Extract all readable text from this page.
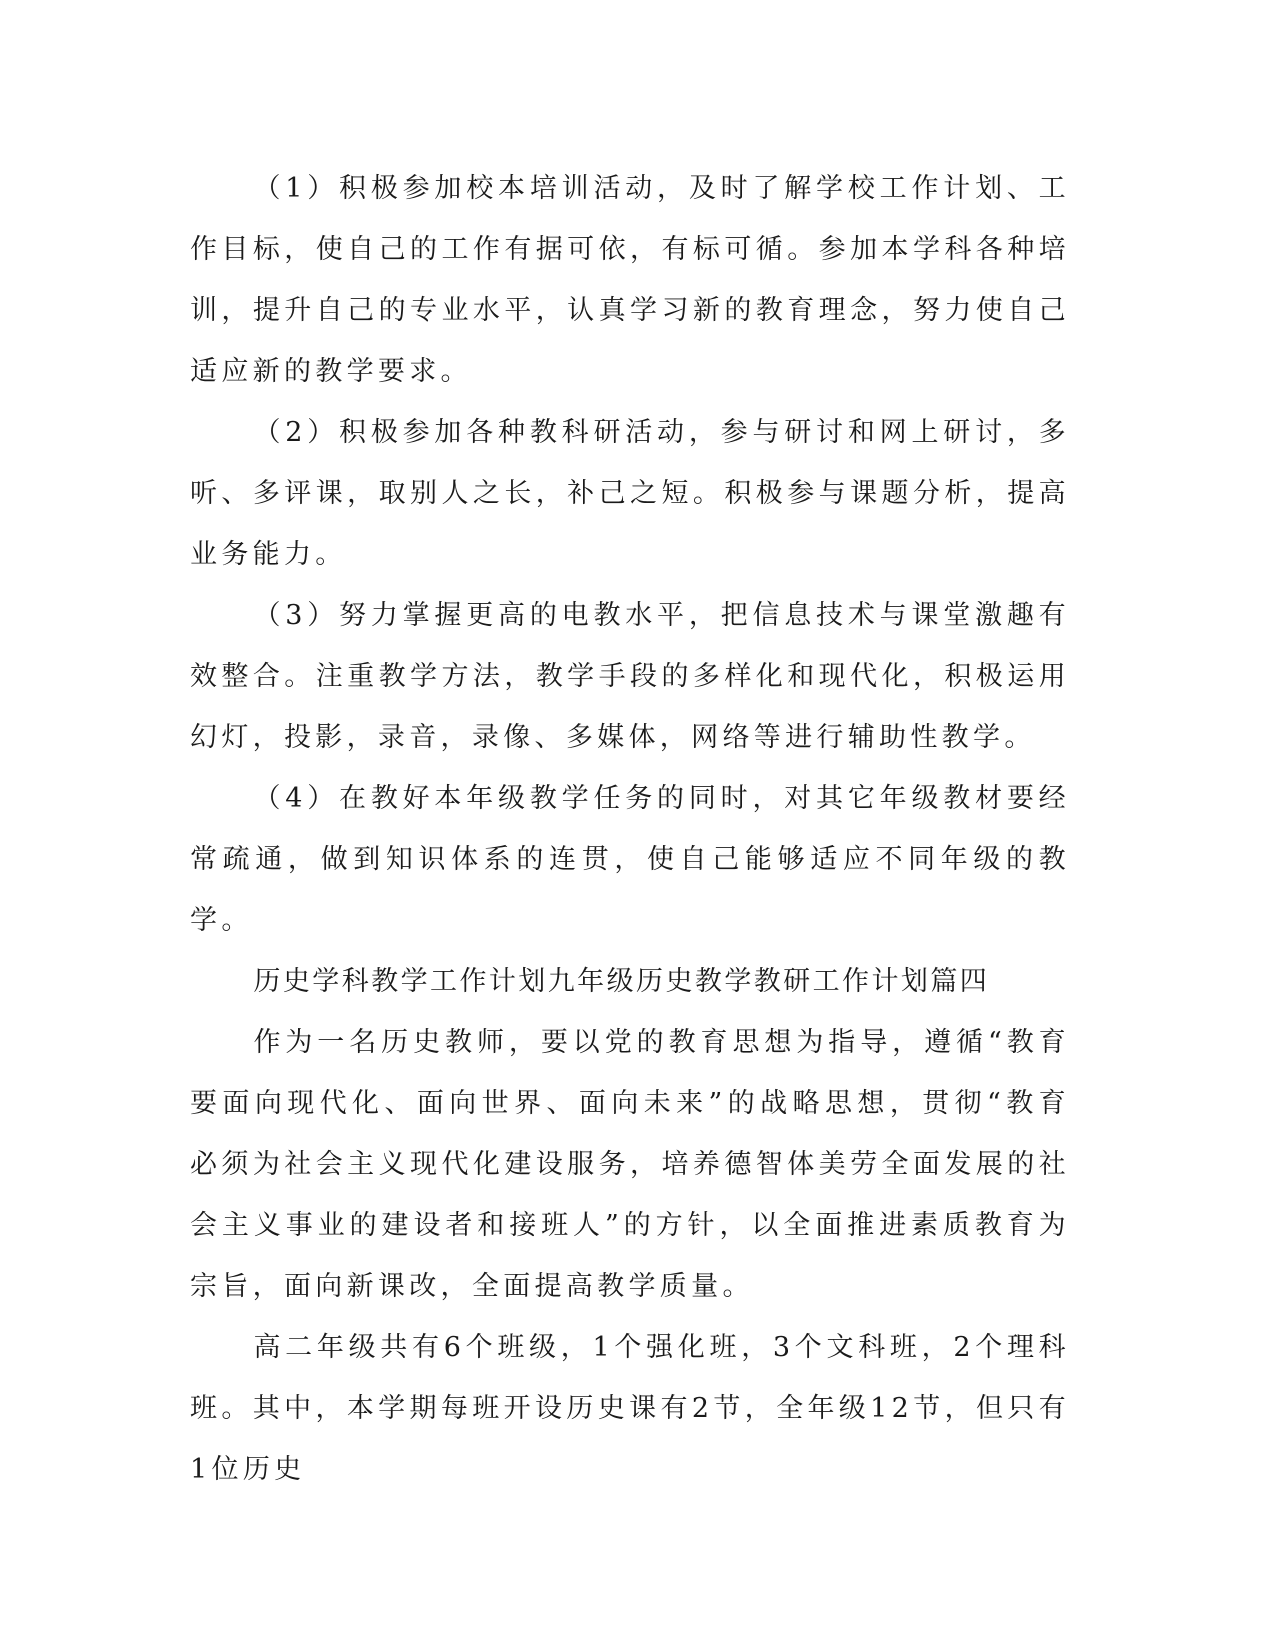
（1）积极参加校本培训活动，及时了解学校工作计划、工作目标，使自己的工作有据可依，有标可循。参加本学科各种培训，提升自己的专业水平，认真学习新的教育理念，努力使自己适应新的教学要求。

（2）积极参加各种教科研活动，参与研讨和网上研讨，多听、多评课，取别人之长，补己之短。积极参与课题分析，提高业务能力。

（3）努力掌握更高的电教水平，把信息技术与课堂激趣有效整合。注重教学方法，教学手段的多样化和现代化，积极运用幻灯，投影，录音，录像、多媒体，网络等进行辅助性教学。

（4）在教好本年级教学任务的同时，对其它年级教材要经常疏通，做到知识体系的连贯，使自己能够适应不同年级的教学。

历史学科教学工作计划九年级历史教学教研工作计划篇四

作为一名历史教师，要以党的教育思想为指导，遵循“教育要面向现代化、面向世界、面向未来”的战略思想，贯彻“教育必须为社会主义现代化建设服务，培养德智体美劳全面发展的社会主义事业的建设者和接班人”的方针，以全面推进素质教育为宗旨，面向新课改，全面提高教学质量。

高二年级共有6个班级，1个强化班，3个文科班，2个理科班。其中，本学期每班开设历史课有2节，全年级12节，但只有1位历史
